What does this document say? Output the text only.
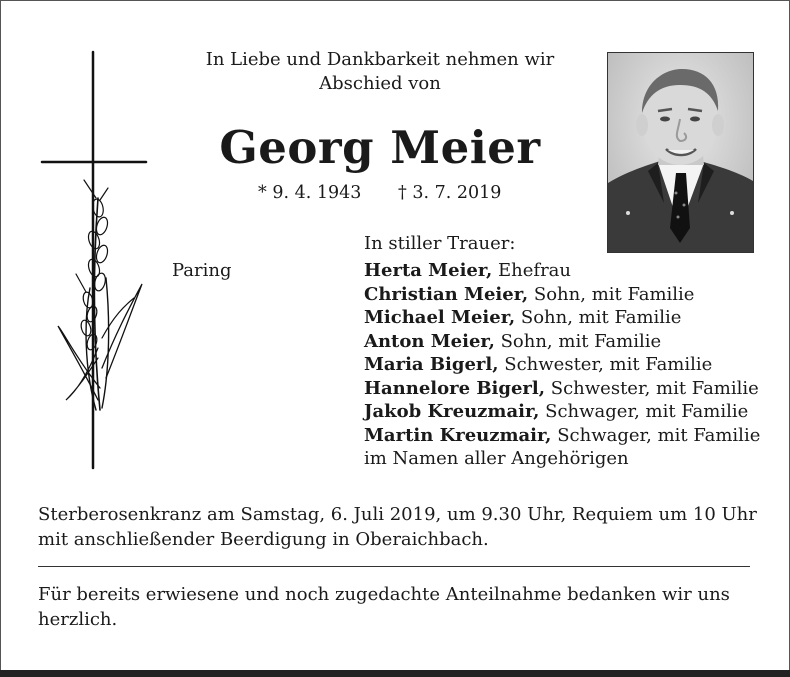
In Liebe und Dankbarkeit nehmen wir
Abschied von
Georg Meier
* 9. 4. 1943 † 3. 7. 2019
In stiller Trauer:
Paring	Herta Meier, Ehefrau
Christian Meier, Sohn, mit Familie
Michael Meier, Sohn, mit Familie
Anton Meier, Sohn, mit Familie
Maria Bigerl, Schwester, mit Familie
Hannelore Bigerl, Schwester, mit Familie
Jakob Kreuzmair, Schwager, mit Familie
Martin Kreuzmair, Schwager, mit Familie
im Namen aller Angehörigen
Sterberosenkranz am Samstag, 6. Juli 2019, um 9.30 Uhr, Requiem um 10 Uhr
mit anschließender Beerdigung in Oberaichbach.
Für bereits erwiesene und noch zugedachte Anteilnahme bedanken wir uns
herzlich.
